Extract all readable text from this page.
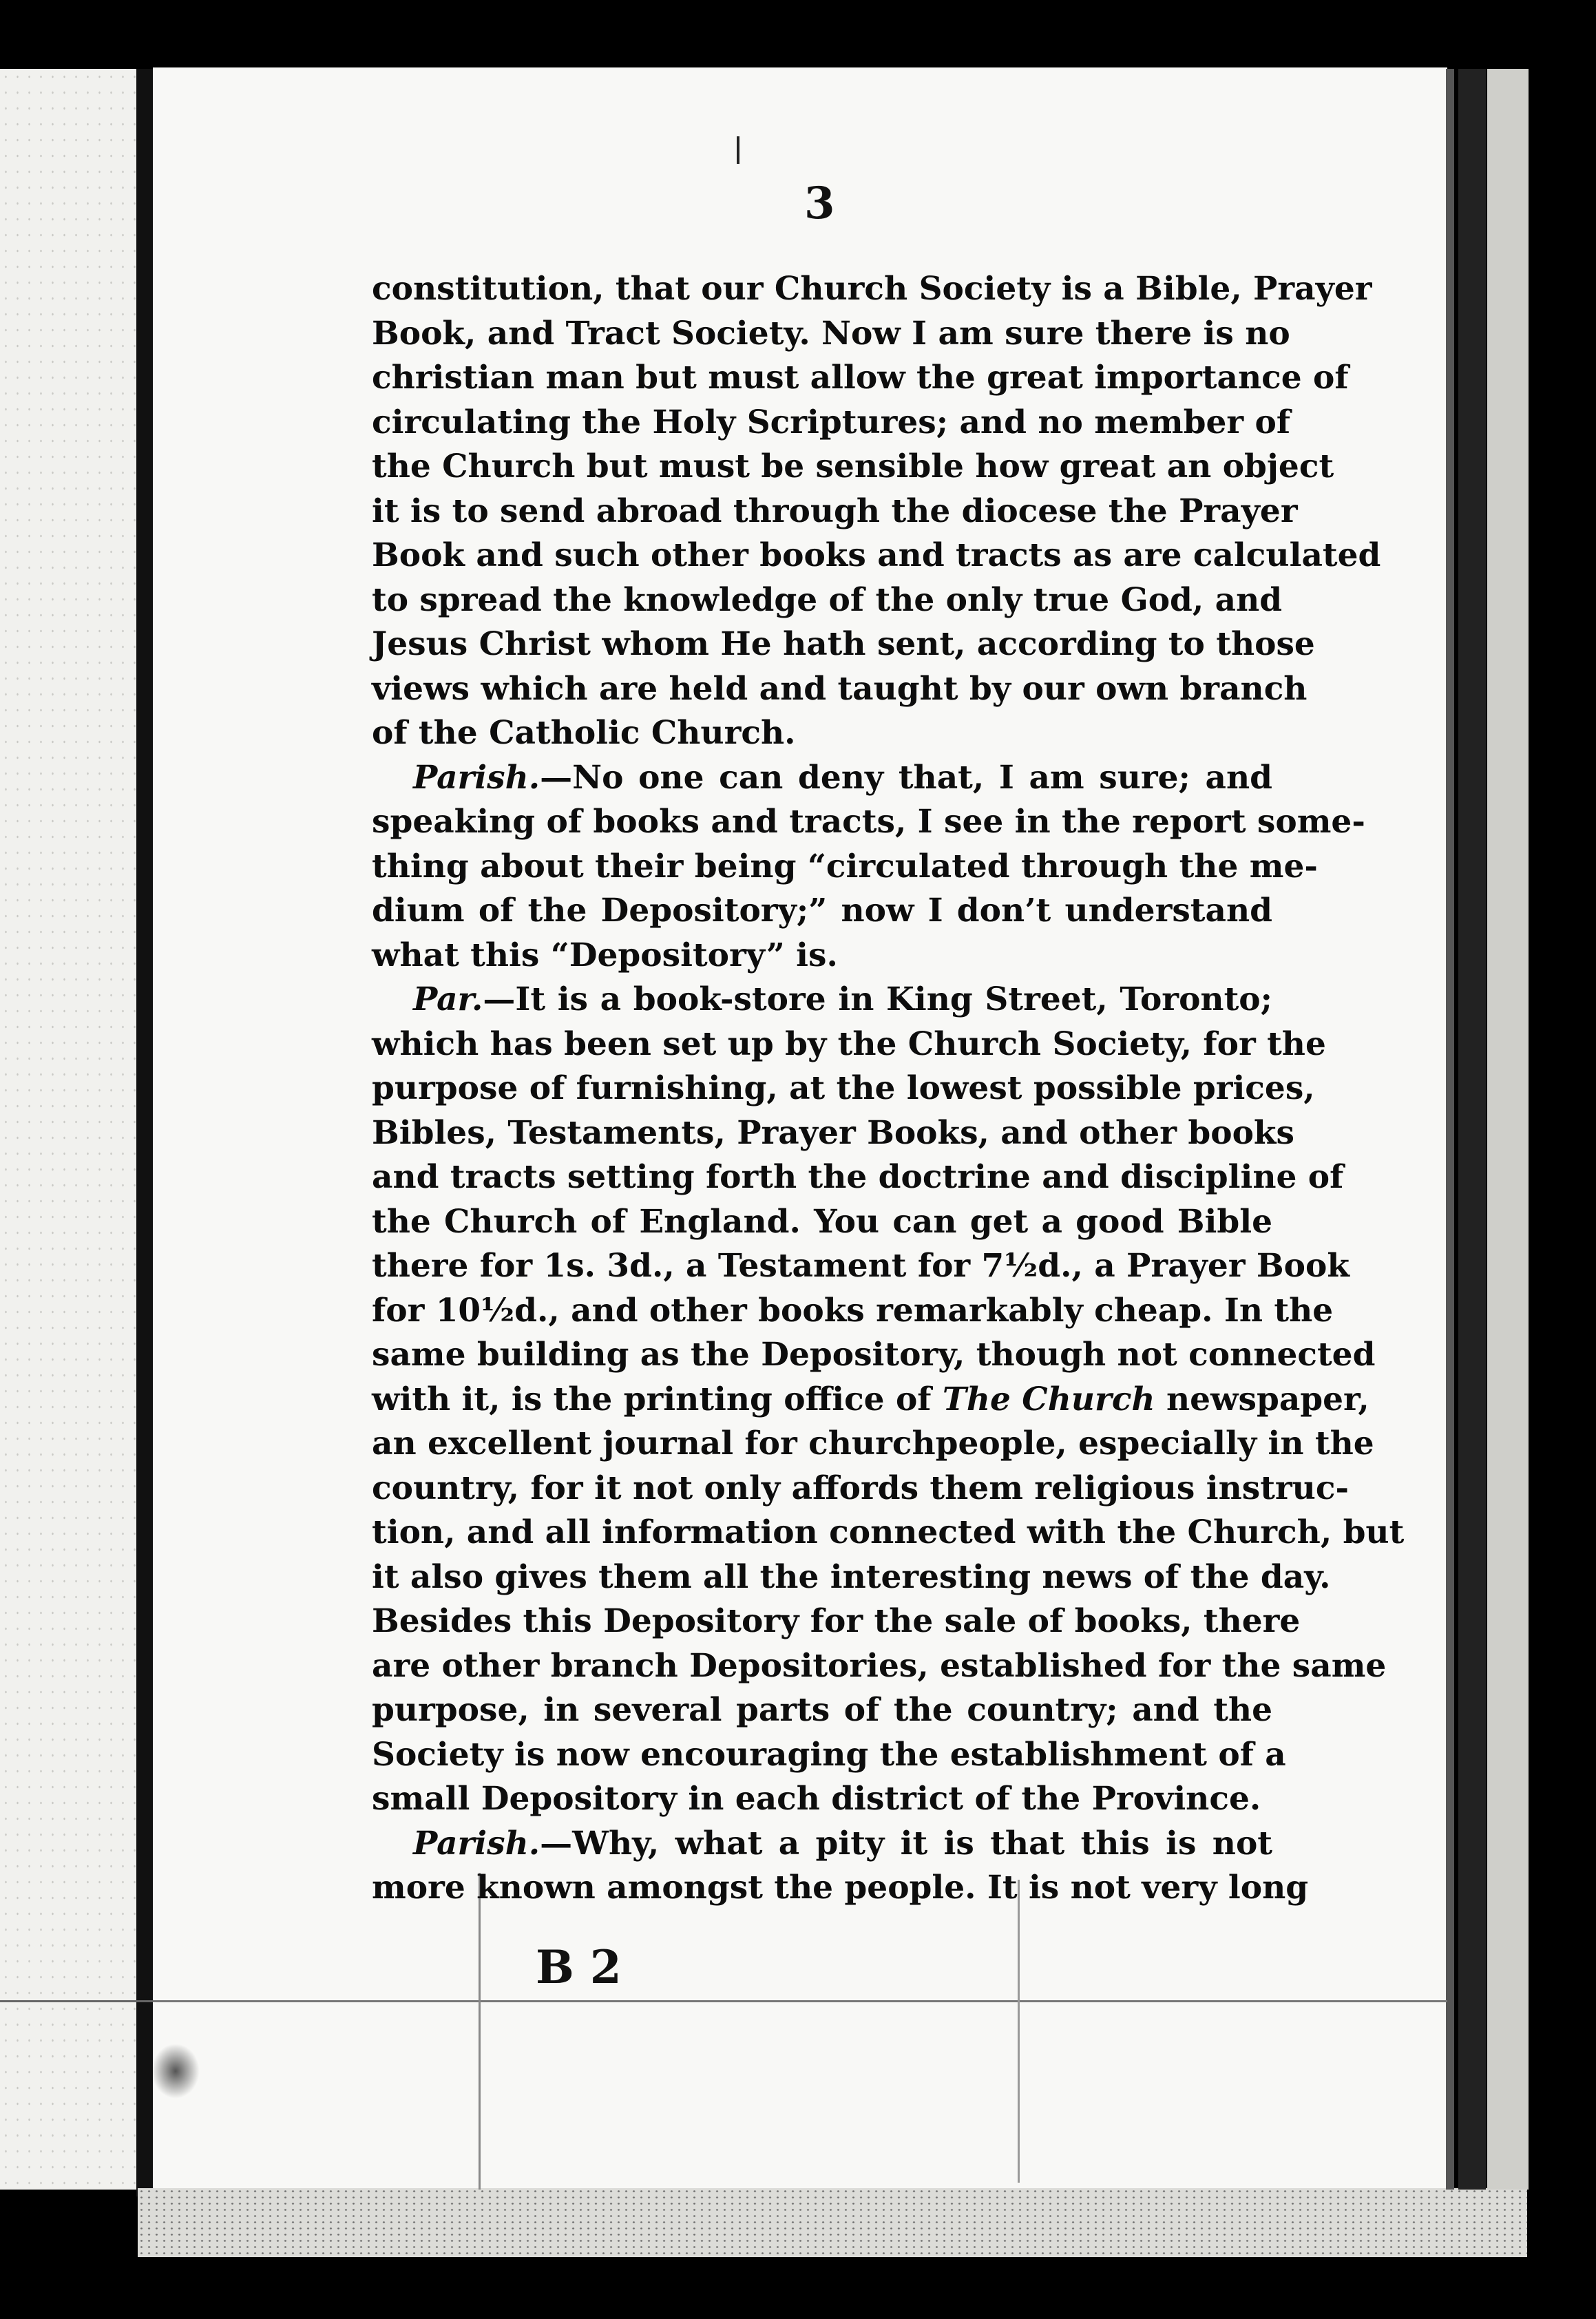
3
constitution, that our Church Society is a Bible, Prayer
Book, and Tract Society. Now I am sure there is no
christian man but must allow the great importance of
circulating the Holy Scriptures; and no member of
the Church but must be sensible how great an object
it is to send abroad through the diocese the Prayer
Book and such other books and tracts as are calculated
to spread the knowledge of the only true God, and
Jesus Christ whom He hath sent, according to those
views which are held and taught by our own branch
of the Catholic Church.
Parish.—No one can deny that, I am sure; and
speaking of books and tracts, I see in the report some-
thing about their being “circulated through the me-
dium of the Depository;” now I don’t understand
what this “Depository” is.
Par.—It is a book-store in King Street, Toronto;
which has been set up by the Church Society, for the
purpose of furnishing, at the lowest possible prices,
Bibles, Testaments, Prayer Books, and other books
and tracts setting forth the doctrine and discipline of
the Church of England. You can get a good Bible
there for 1s. 3d., a Testament for 7½d., a Prayer Book
for 10½d., and other books remarkably cheap. In the
same building as the Depository, though not connected
with it, is the printing office of The Church newspaper,
an excellent journal for churchpeople, especially in the
country, for it not only affords them religious instruc-
tion, and all information connected with the Church, but
it also gives them all the interesting news of the day.
Besides this Depository for the sale of books, there
are other branch Depositories, established for the same
purpose, in several parts of the country; and the
Society is now encouraging the establishment of a
small Depository in each district of the Province.
Parish.—Why, what a pity it is that this is not
more known amongst the people. It is not very long
B 2
